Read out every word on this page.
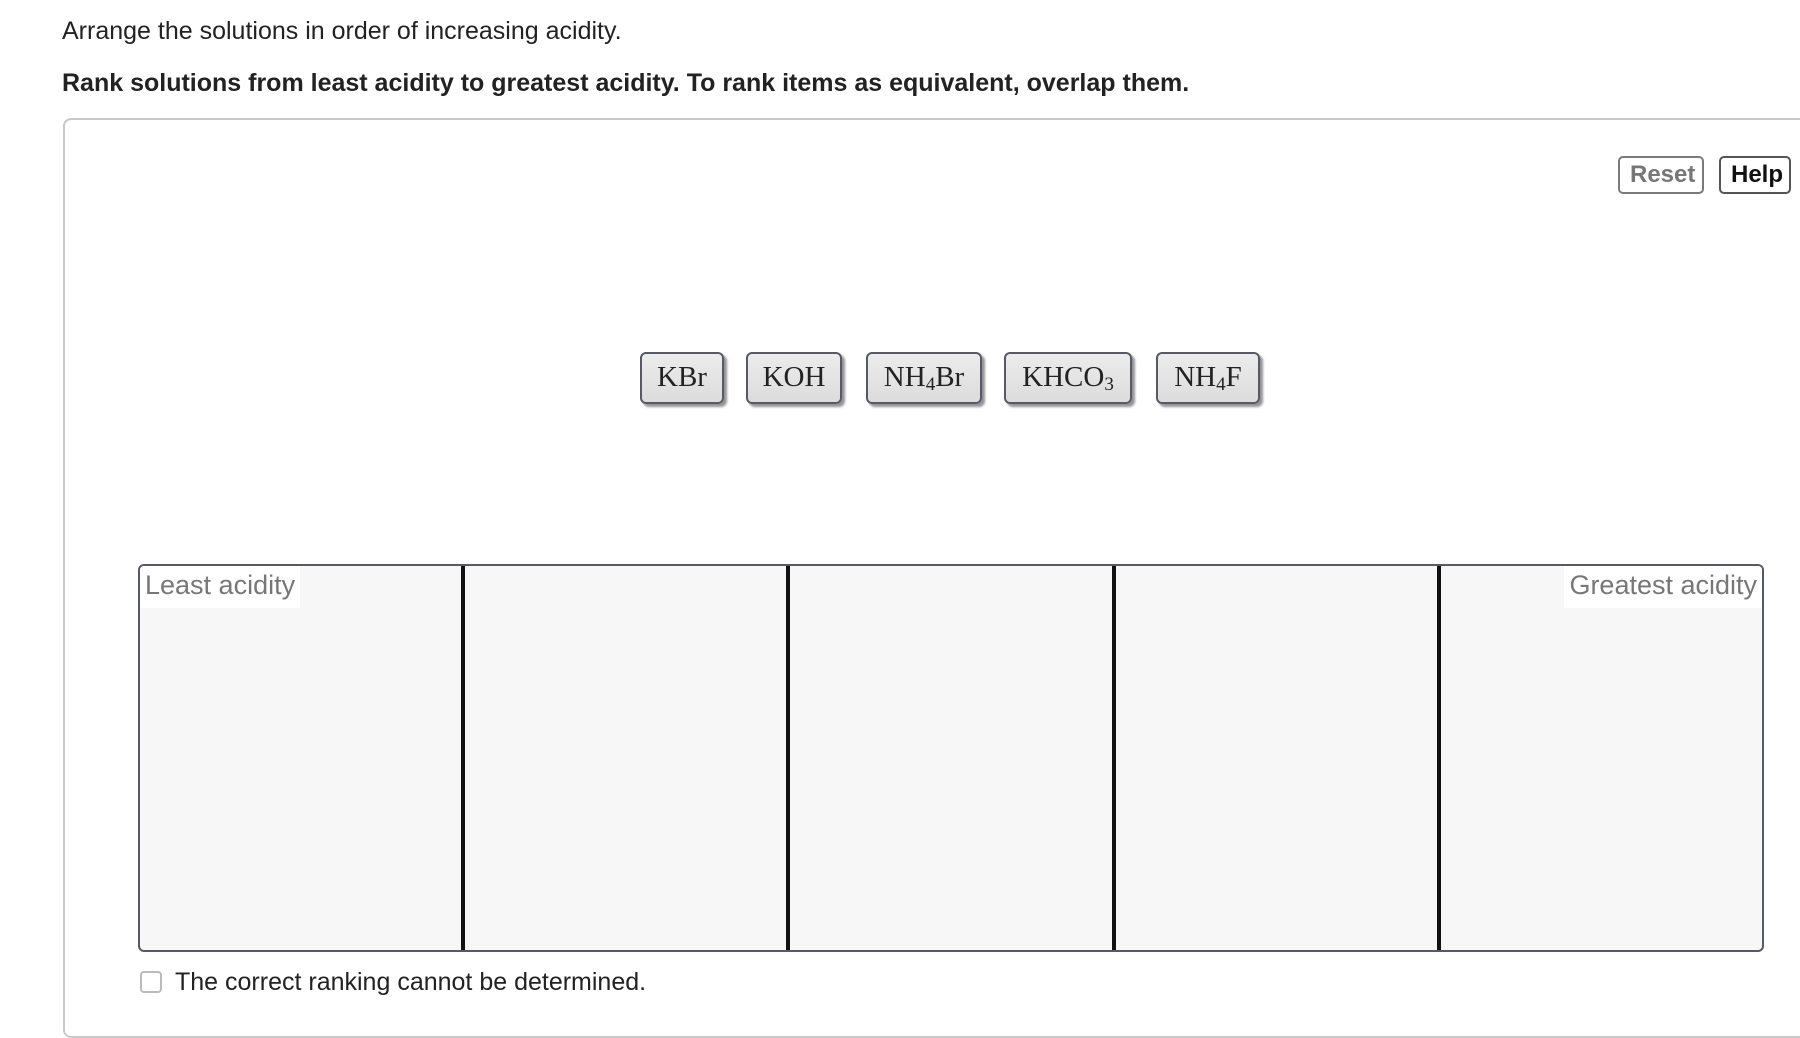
Arrange the solutions in order of increasing acidity.
Rank solutions from least acidity to greatest acidity. To rank items as equivalent, overlap them.
Reset	Help
KBr	KOH	$NH_4Br$	$KHCO_3$	$NH_4F$
Least acidity	Greatest acidity
The correct ranking cannot be determined.
